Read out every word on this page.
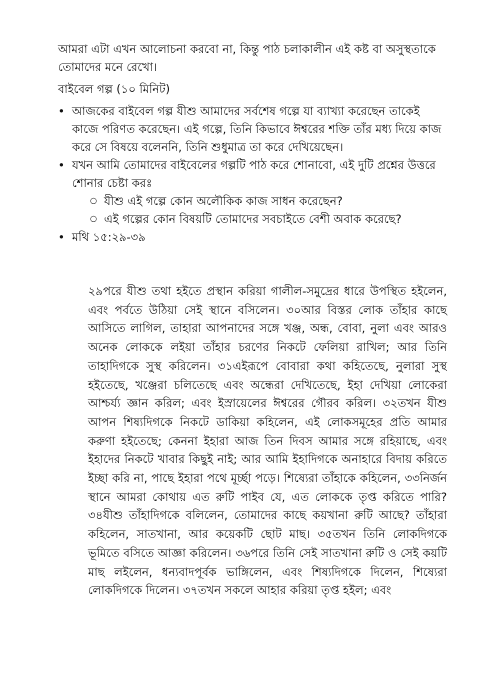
আমরা এটা এখন আলোচনা করবো না, কিন্তু পাঠ চলাকালীন এই কষ্ট বা অসুস্থতাকে তোমাদের মনে রেখো।

বাইবেল গল্প (১০ মিনিট)

• আজকের বাইবেল গল্প যীশু আমাদের সর্বশেষ গল্পে যা ব্যাখ্যা করেছেন তাকেই কাজে পরিণত করেছেন। এই গল্পে, তিনি কিভাবে ঈশ্বরের শক্তি তাঁর মধ্য দিয়ে কাজ করে সে বিষয়ে বলেননি, তিনি শুধুমাত্র তা করে দেখিয়েছেন।
• যখন আমি তোমাদের বাইবেলের গল্পটি পাঠ করে শোনাবো, এই দুটি প্রশ্নের উত্তরে শোনার চেষ্টা করঃ
○ যীশু এই গল্পে কোন অলৌকিক কাজ সাধন করেছেন?
○ এই গল্পের কোন বিষয়টি তোমাদের সবচাইতে বেশী অবাক করেছে?
• মথি ১৫:২৯-৩৯

২৯পরে যীশু তথা হইতে প্রস্থান করিয়া গালীল-সমুদ্রের ধারে উপস্থিত হইলেন, এবং পর্বতে উঠিয়া সেই স্থানে বসিলেন। ৩০আর বিস্তর লোক তাঁহার কাছে আসিতে লাগিল, তাহারা আপনাদের সঙ্গে খঞ্জ, অন্ধ, বোবা, নুলা এবং আরও অনেক লোককে লইয়া তাঁহার চরণের নিকটে ফেলিয়া রাখিল; আর তিনি তাহাদিগকে সুস্থ করিলেন। ৩১এইরূপে বোবারা কথা কহিতেছে, নুলারা সুস্থ হইতেছে, খঞ্জেরা চলিতেছে এবং অন্ধেরা দেখিতেছে, ইহা দেখিয়া লোকেরা আশ্চর্য্য জ্ঞান করিল; এবং ইস্রায়েলের ঈশ্বরের গৌরব করিল। ৩২তখন যীশু আপন শিষ্যদিগকে নিকটে ডাকিয়া কহিলেন, এই লোকসমূহের প্রতি আমার করুণা হইতেছে; কেননা ইহারা আজ তিন দিবস আমার সঙ্গে রহিয়াছে, এবং ইহাদের নিকটে খাবার কিছুই নাই; আর আমি ইহাদিগকে অনাহারে বিদায় করিতে ইচ্ছা করি না, পাছে ইহারা পথে মূর্চ্ছা পড়ে। শিষ্যেরা তাঁহাকে কহিলেন, ৩৩নির্জন স্থানে আমরা কোথায় এত রুটি পাইব যে, এত লোককে তৃপ্ত করিতে পারি? ৩৪যীশু তাঁহাদিগকে বলিলেন, তোমাদের কাছে কয়খানা রুটি আছে? তাঁহারা কহিলেন, সাতখানা, আর কয়েকটি ছোট মাছ। ৩৫তখন তিনি লোকদিগকে ভূমিতে বসিতে আজ্ঞা করিলেন। ৩৬পরে তিনি সেই সাতখানা রুটি ও সেই কয়টি মাছ লইলেন, ধন্যবাদপূর্বক ভাঙ্গিলেন, এবং শিষ্যদিগকে দিলেন, শিষ্যেরা লোকদিগকে দিলেন। ৩৭তখন সকলে আহার করিয়া তৃপ্ত হইল; এবং
